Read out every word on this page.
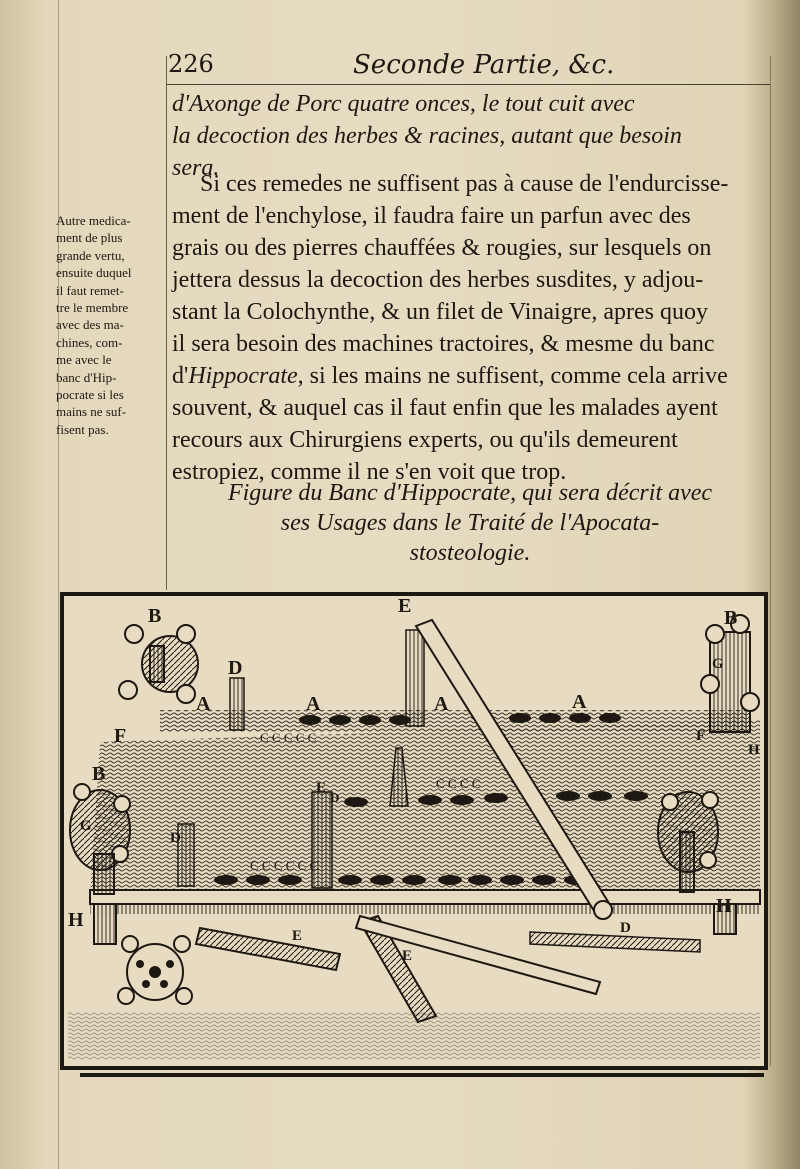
226	Seconde Partie, &c.
d'Axonge de Porc quatre onces, le tout cuit avec
la decoction des herbes & racines, autant que besoin
sera.
Si ces remedes ne suffisent pas à cause de l'endurcisse-
ment de l'enchylose, il faudra faire un parfun avec des
grais ou des pierres chauffées & rougies, sur lesquels on
jettera dessus la decoction des herbes susdites, y adjou-
stant la Colochynthe, & un filet de Vinaigre, apres quoy
il sera besoin des machines tractoires, & mesme du banc
d'Hippocrate, si les mains ne suffisent, comme cela arrive
souvent, & auquel cas il faut enfin que les malades ayent
recours aux Chirurgiens experts, ou qu'ils demeurent
estropiez, comme il ne s'en voit que trop.
Autre medica-
ment de plus
grande vertu,
ensuite duquel
il faut remet-
tre le membre
avec des ma-
chines, com-
me avec le
banc d'Hip-
pocrate si les
mains ne suf-
fisent pas.
Figure du Banc d'Hippocrate, qui sera décrit avec
ses Usages dans le Traité de l'Apocata-
stosteologie.
B	B
B
D
D
D
D
E
E
E
E
A	A	A	A
F	F
G
G
H
H
H
C C C C C
C C C C
C C C C C C
